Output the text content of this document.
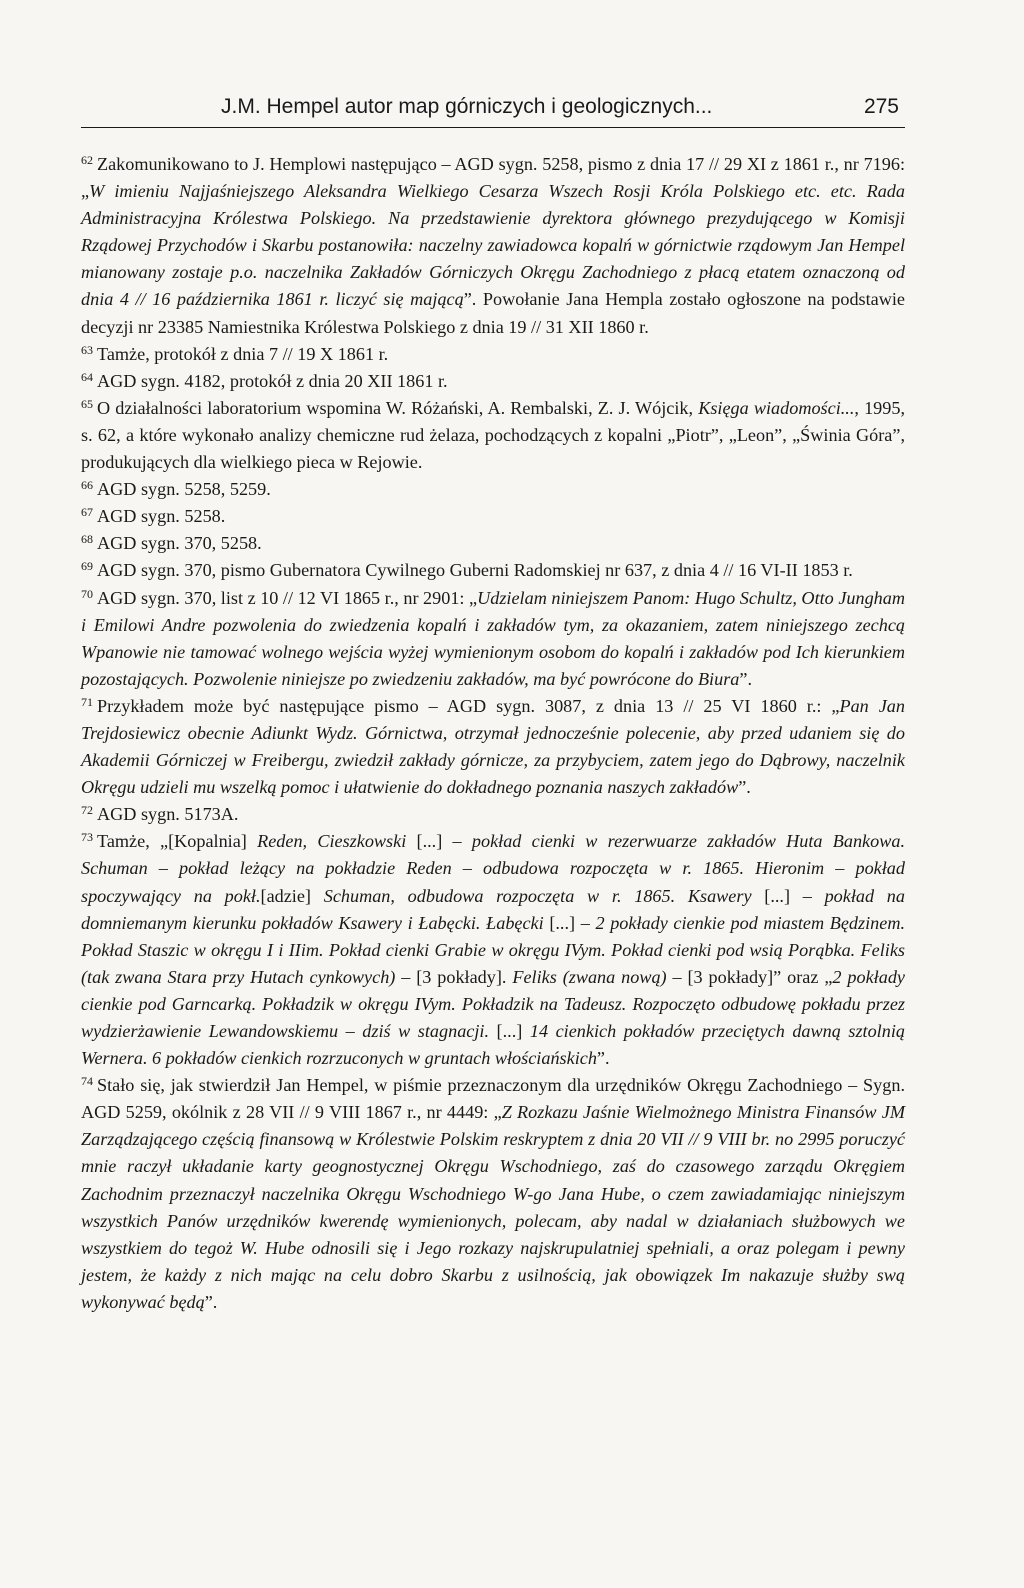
J.M. Hempel autor map górniczych i geologicznych...	275

$^{62}$ Zakomunikowano to J. Hemplowi następująco – AGD sygn. 5258, pismo z dnia 17 // 29 XI z 1861 r., nr 7196: „W imieniu Najjaśniejszego Aleksandra Wielkiego Cesarza Wszech Rosji Króla Polskiego etc. etc. Rada Administracyjna Królestwa Polskiego. Na przedstawienie dyrektora głównego prezydującego w Komisji Rządowej Przychodów i Skarbu postanowiła: naczelny zawiadowca kopalń w górnictwie rządowym Jan Hempel mianowany zostaje p.o. naczelnika Zakładów Górniczych Okręgu Zachodniego z płacą etatem oznaczoną od dnia 4 // 16 października 1861 r. liczyć się mającą”. Powołanie Jana Hempla zostało ogłoszone na podstawie decyzji nr 23385 Namiestnika Królestwa Polskiego z dnia 19 // 31 XII 1860 r.

$^{63}$ Tamże, protokół z dnia 7 // 19 X 1861 r.

$^{64}$ AGD sygn. 4182, protokół z dnia 20 XII 1861 r.

$^{65}$ O działalności laboratorium wspomina W. Różański, A. Rembalski, Z. J. Wójcik, Księga wiadomości..., 1995, s. 62, a które wykonało analizy chemiczne rud żelaza, pochodzących z kopalni „Piotr”, „Leon”, „Świnia Góra”, produkujących dla wielkiego pieca w Rejowie.

$^{66}$ AGD sygn. 5258, 5259.

$^{67}$ AGD sygn. 5258.

$^{68}$ AGD sygn. 370, 5258.

$^{69}$ AGD sygn. 370, pismo Gubernatora Cywilnego Guberni Radomskiej nr 637, z dnia 4 // 16 VI-II 1853 r.

$^{70}$ AGD sygn. 370, list z 10 // 12 VI 1865 r., nr 2901: „Udzielam niniejszem Panom: Hugo Schultz, Otto Jungham i Emilowi Andre pozwolenia do zwiedzenia kopalń i zakładów tym, za okazaniem, zatem niniejszego zechcą Wpanowie nie tamować wolnego wejścia wyżej wymienionym osobom do kopalń i zakładów pod Ich kierunkiem pozostających. Pozwolenie niniejsze po zwiedzeniu zakładów, ma być powrócone do Biura”.

$^{71}$ Przykładem może być następujące pismo – AGD sygn. 3087, z dnia 13 // 25 VI 1860 r.: „Pan Jan Trejdosiewicz obecnie Adiunkt Wydz. Górnictwa, otrzymał jednocześnie polecenie, aby przed udaniem się do Akademii Górniczej w Freibergu, zwiedził zakłady górnicze, za przybyciem, zatem jego do Dąbrowy, naczelnik Okręgu udzieli mu wszelką pomoc i ułatwienie do dokładnego poznania naszych zakładów”.

$^{72}$ AGD sygn. 5173A.

$^{73}$ Tamże, „[Kopalnia] Reden, Cieszkowski [...] – pokład cienki w rezerwuarze zakładów Huta Bankowa. Schuman – pokład leżący na pokładzie Reden – odbudowa rozpoczęta w r. 1865. Hieronim – pokład spoczywający na pokł.[adzie] Schuman, odbudowa rozpoczęta w r. 1865. Ksawery [...] – pokład na domniemanym kierunku pokładów Ksawery i Łabęcki. Łabęcki [...] – 2 pokłady cienkie pod miastem Będzinem. Pokład Staszic w okręgu I i IIim. Pokład cienki Grabie w okręgu IVym. Pokład cienki pod wsią Porąbka. Feliks (tak zwana Stara przy Hutach cynkowych) – [3 pokłady]. Feliks (zwana nową) – [3 pokłady]” oraz „2 pokłady cienkie pod Garncarką. Pokładzik w okręgu IVym. Pokładzik na Tadeusz. Rozpoczęto odbudowę pokładu przez wydzierżawienie Lewandowskiemu – dziś w stagnacji. [...] 14 cienkich pokładów przeciętych dawną sztolnią Wernera. 6 pokładów cienkich rozrzuconych w gruntach włościańskich”.

$^{74}$ Stało się, jak stwierdził Jan Hempel, w piśmie przeznaczonym dla urzędników Okręgu Zachodniego – Sygn. AGD 5259, okólnik z 28 VII // 9 VIII 1867 r., nr 4449: „Z Rozkazu Jaśnie Wielmożnego Ministra Finansów JM Zarządzającego częścią finansową w Królestwie Polskim reskryptem z dnia 20 VII // 9 VIII br. no 2995 poruczyć mnie raczył układanie karty geognostycznej Okręgu Wschodniego, zaś do czasowego zarządu Okręgiem Zachodnim przeznaczył naczelnika Okręgu Wschodniego W-go Jana Hube, o czem zawiadamiając niniejszym wszystkich Panów urzędników kwerendę wymienionych, polecam, aby nadal w działaniach służbowych we wszystkiem do tegoż W. Hube odnosili się i Jego rozkazy najskrupulatniej spełniali, a oraz polegam i pewny jestem, że każdy z nich mając na celu dobro Skarbu z usilnością, jak obowiązek Im nakazuje służby swą wykonywać będą”.
